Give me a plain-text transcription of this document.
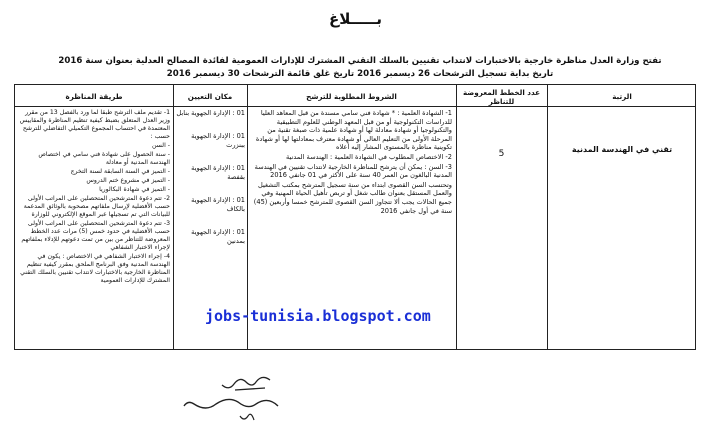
بـــــلاغ
تفتح وزارة العدل مناظرة خارجية بالاختبارات لانتداب تقنيين بالسلك التقني المشترك للإدارات العمومية لفائدة المصالح العدلية بعنوان سنة 2016
تاريخ بداية تسجيل الترشحات 26 ديسمبر 2016 تاريخ غلق قائمة الترشحات 30 ديسمبر 2016
الرتبة
عدد الخطط المعروضة للتناظر
الشروط المطلوبة للترشح
مكان التعيين
طريقة المناظرة
تقني في الهندسة المدنية
5

1- الشهادة العلمية : * شهادة فني سامي مسندة من قبل المعاهد العليا للدراسات التكنولوجية أو من قبل المعهد الوطني للعلوم التطبيقية والتكنولوجيا أو شهادة معادلة لها أو شهادة علمية ذات صبغة تقنية من المرحلة الأولى من التعليم العالي أو شهادة معترف بمعادلتها لها أو شهادة تكوينية مناظرة بالمستوى المشار إليه أعلاه

2- الاختصاص المطلوب في الشهادة العلمية : الهندسة المدنية

3- السن : يمكن أن يترشح للمناظرة الخارجية لانتداب تقنيين في الهندسة المدنية البالغون من العمر 40 سنة على الأكثر في 01 جانفي 2016

وتحتسب السن القصوى ابتداء من سنة تسجيل المترشح بمكتب التشغيل والعمل المستقل بعنوان طالب شغل أو تربص تأهيل الحياة المهنية وفي جميع الحالات يجب ألا تتجاوز السن القصوى للمترشح خمسا وأربعين (45) سنة في أول جانفي 2016

01 : الإدارة الجهوية بنابل

01 : الإدارة الجهوية ببنزرت

01 : الإدارة الجهوية بقفصة

01 : الإدارة الجهوية بالكاف

01 : الإدارة الجهوية بمدنين

1- تقديم ملف الترشح طبقا لما ورد بالفصل 13 من مقرر وزير العدل المتعلق بضبط كيفية تنظيم المناظرة والمقاييس المعتمدة في احتساب المجموع التكميلي التفاضلي للترشح حسب :

- السن

- سنة الحصول على شهادة فني سامي في اختصاص الهندسة المدنية أو معادلة

- التميز في السنة السابقة لسنة التخرج

- التميز في مشروع ختم الدروس

- التميز في شهادة البكالوريا

2- تتم دعوة المترشحين المتحصلين على المراتب الأولى حسب الأفضلية لإرسال ملفاتهم مصحوبة بالوثائق المدعمة للبيانات التي تم تسجيلها عبر الموقع الإلكتروني للوزارة

3- تتم دعوة المترشحين المتحصلين على المراتب الأولى حسب الأفضلية في حدود خمس (5) مرات عدد الخطط المعروضة للتناظر من بين من تمت دعوتهم للإدلاء بملفاتهم لإجراء الاختبار الشفاهي

4- إجراء الاختبار الشفاهي في الاختصاص : يكون في الهندسة المدنية وفق البرنامج الملحق بمقرر كيفية تنظيم المناظرة الخارجية بالاختبارات لانتداب تقنيين بالسلك التقني المشترك للإدارات العمومية

jobs-tunisia.blogspot.com
